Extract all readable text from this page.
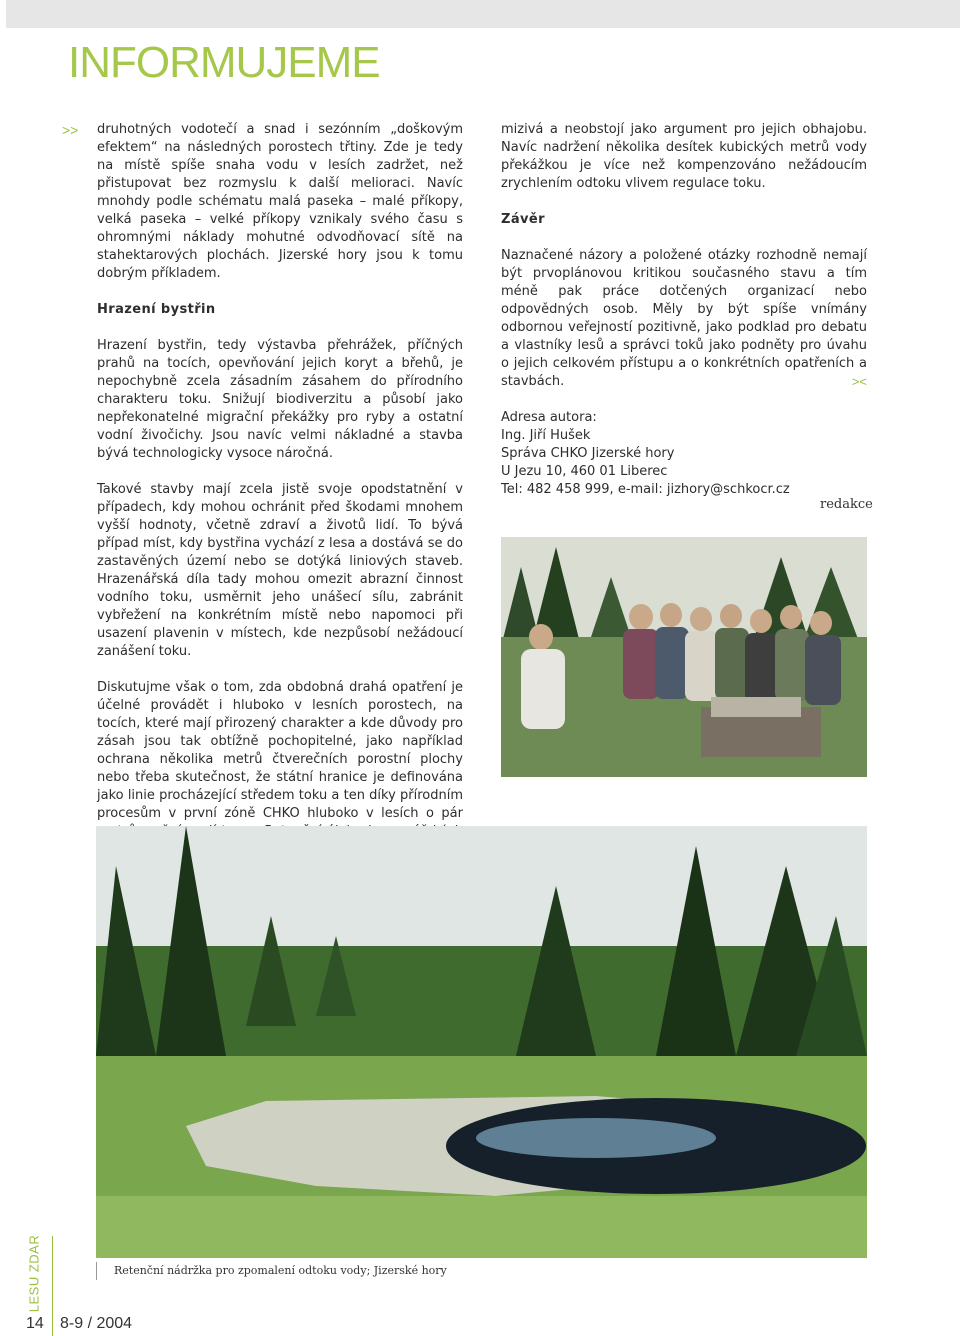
INFORMUJEME
>> druhotných vodotečí a snad i sezónním „doškovým efektem“ na následných porostech třtiny. Zde je tedy na místě spíše snaha vodu v lesích zadržet, než přistupovat bez rozmyslu k další melioraci. Navíc mnohdy podle schématu malá paseka – malé příkopy, velká paseka – velké příkopy vznikaly svého času s ohromnými náklady mohutné odvodňovací sítě na stahektarových plochách. Jizerské hory jsou k tomu dobrým příkladem.

Hrazení bystřin

Hrazení bystřin, tedy výstavba přehrážek, příčných prahů na tocích, opevňování jejich koryt a břehů, je nepochybně zcela zásadním zásahem do přírodního charakteru toku. Snižují biodiverzitu a působí jako nepřekonatelné migrační překážky pro ryby a ostatní vodní živočichy. Jsou navíc velmi nákladné a stavba bývá technologicky vysoce náročná.

Takové stavby mají zcela jistě svoje opodstatnění v případech, kdy mohou ochránit před škodami mnohem vyšší hodnoty, včetně zdraví a životů lidí. To bývá případ míst, kdy bystřina vychází z lesa a dostává se do zastavěných území nebo se dotýká liniových staveb. Hrazenářská díla tady mohou omezit abrazní činnost vodního toku, usměrnit jeho unášecí sílu, zabránit vybřežení na konkrétním místě nebo napomoci při usazení plavenin v místech, kde nezpůsobí nežádoucí zanášení toku.

Diskutujme však o tom, zda obdobná drahá opatření je účelné provádět i hluboko v lesních porostech, na tocích, které mají přirozený charakter a kde důvody pro zásah jsou tak obtížně pochopitelné, jako například ochrana několika metrů čtverečních porostní plochy nebo třeba skutečnost, že státní hranice je definována jako linie procházející středem toku a ten díky přírodním procesům v první zóně CHKO hluboko v lesích o pár

mizivá a neobstojí jako argument pro jejich obhajobu. Navíc nadržení několika desítek kubických metrů vody překážkou je více než kompenzováno nežádoucím zrychlením odtoku vlivem regulace toku.

Závěr

Naznačené názory a položené otázky rozhodně nemají být prvoplánovou kritikou současného stavu a tím méně pak práce dotčených organizací nebo odpovědných osob. Měly by být spíše vnímány odbornou veřejností pozitivně, jako podklad pro debatu a vlastníky lesů a správci toků jako podněty pro úvahu o jejich celkovém přístupu a o konkrétních opatřeních a stavbách.	><

Adresa autora:
Ing. Jiří Hušek
Správa CHKO Jizerské hory
U Jezu 10, 460 01 Liberec
Tel: 482 458 999, e-mail: jizhory@schkocr.cz
redakce
Retenční nádržka pro zpomalení odtoku vody; Jizerské hory
LESU ZDAR
14 8-9 / 2004
